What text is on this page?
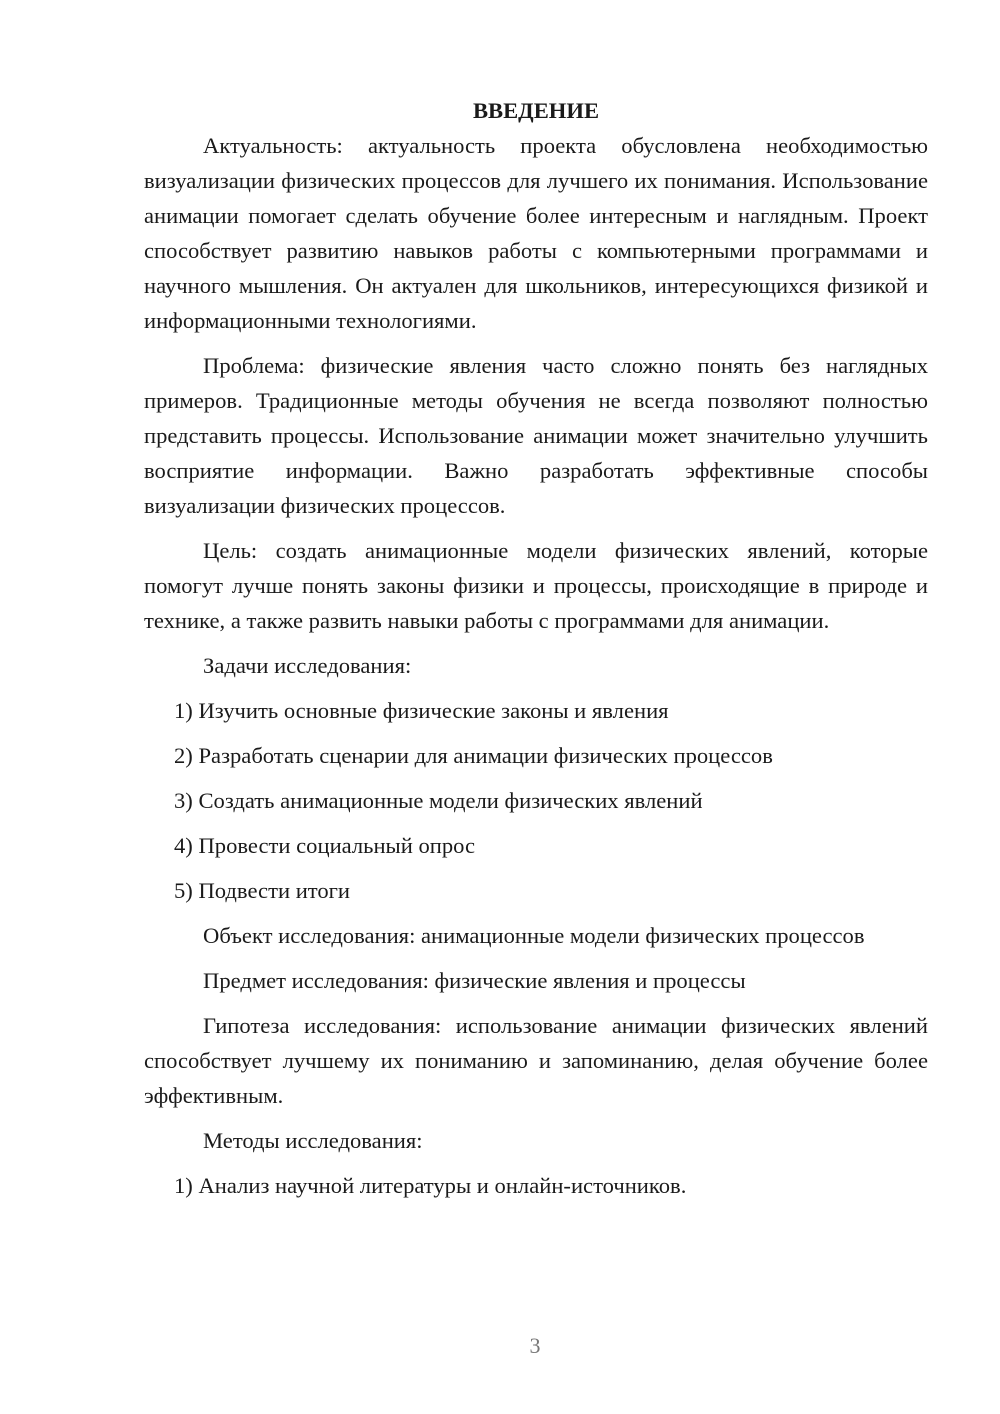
ВВЕДЕНИЕ

Актуальность: актуальность проекта обусловлена необходимостью визуализации физических процессов для лучшего их понимания. Использование анимации помогает сделать обучение более интересным и наглядным. Проект способствует развитию навыков работы с компьютерными программами и научного мышления. Он актуален для школьников, интересующихся физикой и информационными технологиями.

Проблема: физические явления часто сложно понять без наглядных примеров. Традиционные методы обучения не всегда позволяют полностью представить процессы. Использование анимации может значительно улучшить восприятие информации. Важно разработать эффективные способы визуализации физических процессов.

Цель: создать анимационные модели физических явлений, которые помогут лучше понять законы физики и процессы, происходящие в природе и технике, а также развить навыки работы с программами для анимации.

Задачи исследования:

1) Изучить основные физические законы и явления

2) Разработать сценарии для анимации физических процессов

3) Создать анимационные модели физических явлений

4) Провести социальный опрос

5) Подвести итоги

Объект исследования: анимационные модели физических процессов

Предмет исследования: физические явления и процессы

Гипотеза исследования: использование анимации физических явлений способствует лучшему их пониманию и запоминанию, делая обучение более эффективным.

Методы исследования:

1) Анализ научной литературы и онлайн-источников.

3
